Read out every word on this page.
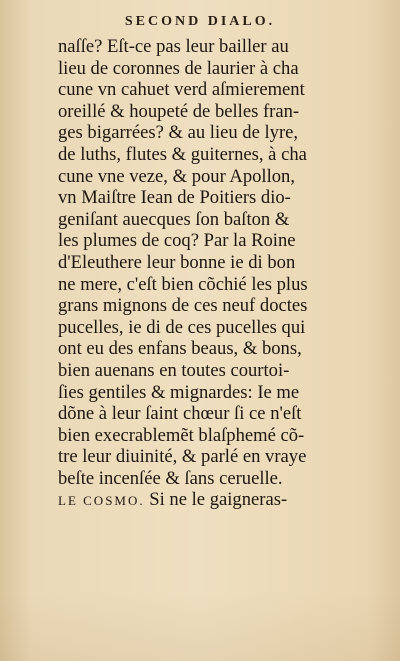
SECOND DIALO.
naſſe? Eſt-ce pas leur bailler au
lieu de coronnes de laurier à cha
cune vn cahuet verd aſmierement
oreillé & houpeté de belles fran-
ges bigarrées? & au lieu de lyre,
de luths, flutes & guiternes, à cha
cune vne veze, & pour Apollon,
vn Maiſtre Iean de Poitiers dio-
geniſant auecques ſon baſton &
les plumes de coq? Par la Roine
d'Eleuthere leur bonne ie di bon
ne mere, c'eſt bien cõchié les plus
grans mignons de ces neuf doctes
pucelles, ie di de ces pucelles qui
ont eu des enfans beaus, & bons,
bien auenans en toutes courtoi-
ſies gentiles & mignardes: Ie me
dõne à leur ſaint chœur ſi ce n'eſt
bien execrablemẽt blaſphemé cõ-
tre leur diuinité, & parlé en vraye
beſte incenſée & ſans ceruelle.
LE COSMO. Si ne le gaigneras-
